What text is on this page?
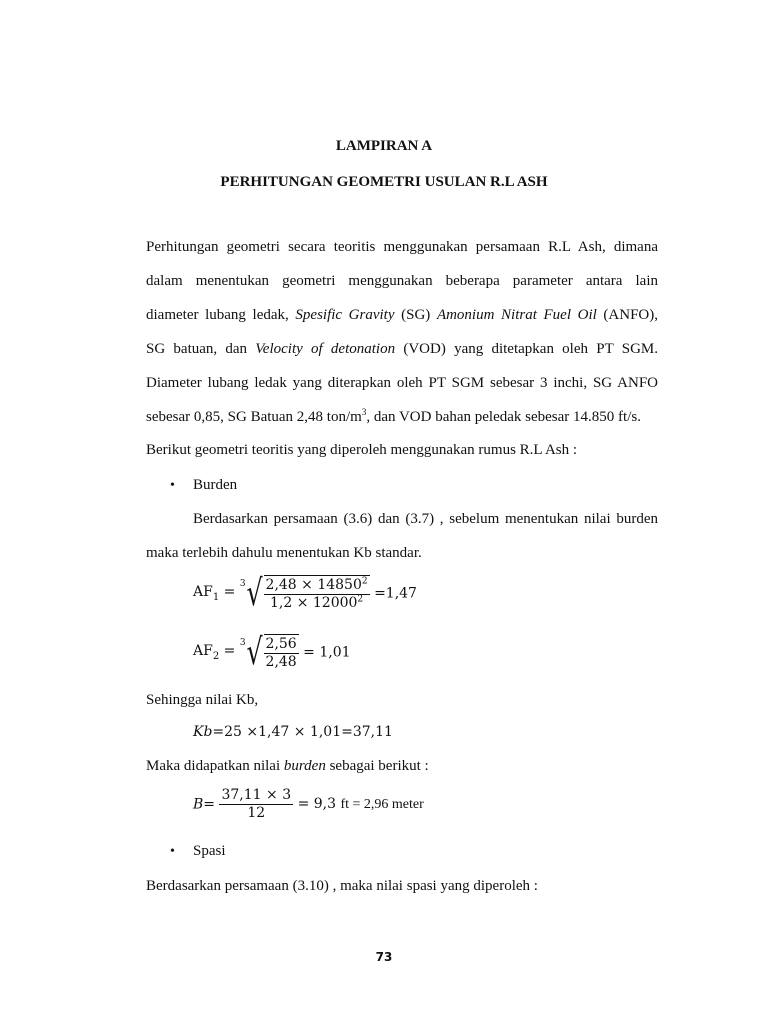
LAMPIRAN A
PERHITUNGAN GEOMETRI USULAN R.L ASH
Perhitungan geometri secara teoritis menggunakan persamaan R.L Ash, dimana
dalam menentukan geometri menggunakan beberapa parameter antara lain
diameter lubang ledak, Spesific Gravity (SG) Amonium Nitrat Fuel Oil (ANFO),
SG batuan, dan Velocity of detonation (VOD) yang ditetapkan oleh PT SGM.
Diameter lubang ledak yang diterapkan oleh PT SGM sebesar 3 inchi, SG ANFO
sebesar 0,85, SG Batuan 2,48 ton/$m^3$, dan VOD bahan peledak sebesar 14.850 ft/s.
Berikut geometri teoritis yang diperoleh menggunakan rumus R.L Ash :
• Burden
Berdasarkan persamaan (3.6) dan (3.7) , sebelum menentukan nilai burden
maka terlebih dahulu menentukan Kb standar.
$AF_1$ =
3 √ $\frac{2,48 \times 14850^2}{1,2 \times 12000^2} =1,47$
$AF_2$ =
3 √ $\frac{2,56}{2,48} = 1,01$
Sehingga nilai Kb,
Kb=25 ×1,47 × 1,01=37,11
Maka didapatkan nilai burden sebagai berikut :
$B= \frac{37,11 \times 3}{12} = 9,3$ ft = 2,96 meter
• Spasi
Berdasarkan persamaan (3.10) , maka nilai spasi yang diperoleh :
73
